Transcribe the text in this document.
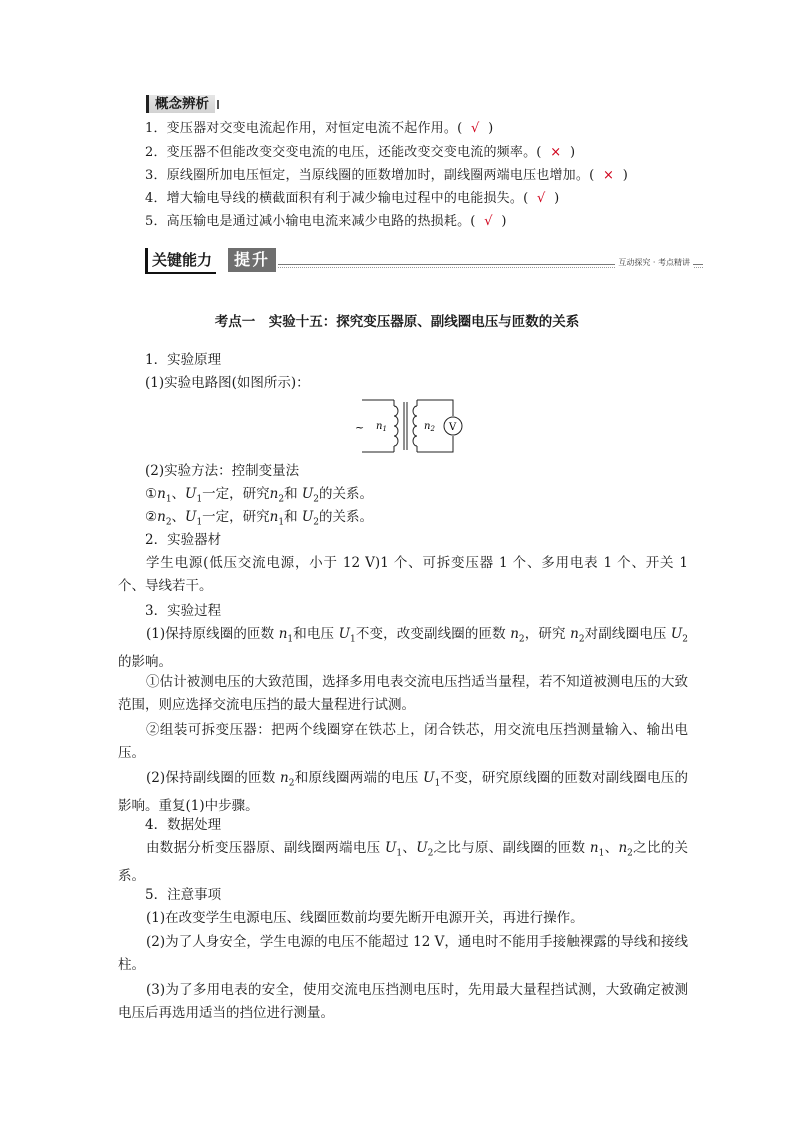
概念辨析
1．变压器对交变电流起作用，对恒定电流不起作用。( √ )
2．变压器不但能改变交变电流的电压，还能改变交变电流的频率。( × )
3．原线圈所加电压恒定，当原线圈的匝数增加时，副线圈两端电压也增加。( × )
4．增大输电导线的横截面积有利于减少输电过程中的电能损失。( √ )
5．高压输电是通过减小输电电流来减少电路的热损耗。( √ )
关键能力	提升	互动探究 · 考点精讲
考点一　实验十五：探究变压器原、副线圈电压与匝数的关系
1．实验原理
(1)实验电路图(如图所示)：
~ $n_1$	$n_2$ V
(2)实验方法：控制变量法
$①n_1$、$U_1$一定，研究$n_2$和 $U_2$的关系。
$②n_2$、$U_1$一定，研究$n_1$和 $U_2$的关系。
2．实验器材
学生电源(低压交流电源，小于 12 V)1 个、可拆变压器 1 个、多用电表 1 个、开关 1 个、导线若干。
3．实验过程
(1)保持原线圈的匝数 $n_1$和电压 $U_1$不变，改变副线圈的匝数 $n_2$，研究 $n_2$对副线圈电压 $U_2$的影响。
①估计被测电压的大致范围，选择多用电表交流电压挡适当量程，若不知道被测电压的大致范围，则应选择交流电压挡的最大量程进行试测。
②组装可拆变压器：把两个线圈穿在铁芯上，闭合铁芯，用交流电压挡测量输入、输出电压。
(2)保持副线圈的匝数 $n_2$和原线圈两端的电压 $U_1$不变，研究原线圈的匝数对副线圈电压的影响。重复(1)中步骤。
4．数据处理
由数据分析变压器原、副线圈两端电压 $U_1$、$U_2$之比与原、副线圈的匝数 $n_1$、$n_2$之比的关系。
5．注意事项
(1)在改变学生电源电压、线圈匝数前均要先断开电源开关，再进行操作。
(2)为了人身安全，学生电源的电压不能超过 12 V，通电时不能用手接触裸露的导线和接线柱。
(3)为了多用电表的安全，使用交流电压挡测电压时，先用最大量程挡试测，大致确定被测电压后再选用适当的挡位进行测量。
